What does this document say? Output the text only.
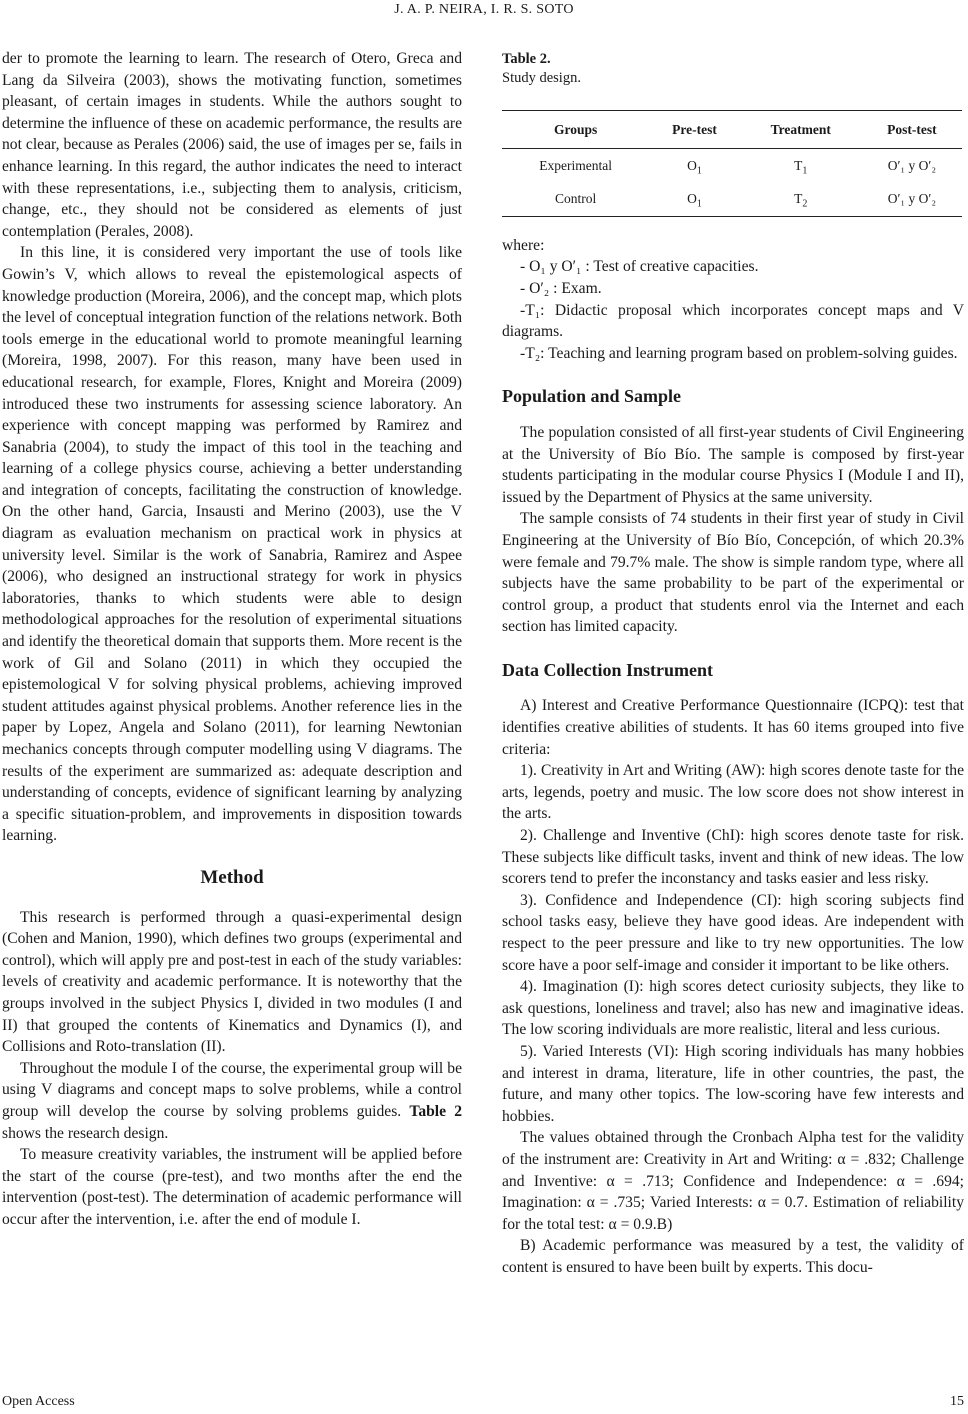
J. A. P. NEIRA, I. R. S. SOTO

der to promote the learning to learn. The research of Otero, Greca and Lang da Silveira (2003), shows the motivating function, sometimes pleasant, of certain images in students. While the authors sought to determine the influence of these on academic performance, the results are not clear, because as Perales (2006) said, the use of images per se, fails in enhance learning. In this regard, the author indicates the need to interact with these representations, i.e., subjecting them to analysis, criticism, change, etc., they should not be considered as elements of just contemplation (Perales, 2008).

In this line, it is considered very important the use of tools like Gowin’s V, which allows to reveal the epistemological aspects of knowledge production (Moreira, 2006), and the concept map, which plots the level of conceptual integration function of the relations network. Both tools emerge in the educational world to promote meaningful learning (Moreira, 1998, 2007). For this reason, many have been used in educational research, for example, Flores, Knight and Moreira (2009) introduced these two instruments for assessing science laboratory. An experience with concept mapping was performed by Ramirez and Sanabria (2004), to study the impact of this tool in the teaching and learning of a college physics course, achieving a better understanding and integration of concepts, facilitating the construction of knowledge. On the other hand, Garcia, Insausti and Merino (2003), use the V diagram as evaluation mechanism on practical work in physics at university level. Similar is the work of Sanabria, Ramirez and Aspee (2006), who designed an instructional strategy for work in physics laboratories, thanks to which students were able to design methodological approaches for the resolution of experimental situations and identify the theoretical domain that supports them. More recent is the work of Gil and Solano (2011) in which they occupied the epistemological V for solving physical problems, achieving improved student attitudes against physical problems. Another reference lies in the paper by Lopez, Angela and Solano (2011), for learning Newtonian mechanics concepts through computer modelling using V diagrams. The results of the experiment are summarized as: adequate description and understanding of concepts, evidence of significant learning by analyzing a specific situation-problem, and improvements in disposition towards learning.

Method

This research is performed through a quasi-experimental design (Cohen and Manion, 1990), which defines two groups (experimental and control), which will apply pre and post-test in each of the study variables: levels of creativity and academic performance. It is noteworthy that the groups involved in the subject Physics I, divided in two modules (I and II) that grouped the contents of Kinematics and Dynamics (I), and Collisions and Roto-translation (II).

Throughout the module I of the course, the experimental group will be using V diagrams and concept maps to solve problems, while a control group will develop the course by solving problems guides. Table 2 shows the research design.

To measure creativity variables, the instrument will be applied before the start of the course (pre-test), and two months after the end the intervention (post-test). The determination of academic performance will occur after the intervention, i.e. after the end of module I.

Table 2.
Study design.
Groups	Pre-test	Treatment	Post-test
Experimental	$O_1$	$T_1$	O′₁ y O′₂
Control	$O_1$	$T_2$	O′₁ y O′₂

where:

- O₁ y O′₁ : Test of creative capacities.

- O′₂ : Exam.

-T₁: Didactic proposal which incorporates concept maps and V diagrams.

-T₂: Teaching and learning program based on problem-solving guides.

Population and Sample

The population consisted of all first-year students of Civil Engineering at the University of Bío Bío. The sample is composed by first-year students participating in the modular course Physics I (Module I and II), issued by the Department of Physics at the same university.

The sample consists of 74 students in their first year of study in Civil Engineering at the University of Bío Bío, Concepción, of which 20.3% were female and 79.7% male. The show is simple random type, where all subjects have the same probability to be part of the experimental or control group, a product that students enrol via the Internet and each section has limited capacity.

Data Collection Instrument

A) Interest and Creative Performance Questionnaire (ICPQ): test that identifies creative abilities of students. It has 60 items grouped into five criteria:

1). Creativity in Art and Writing (AW): high scores denote taste for the arts, legends, poetry and music. The low score does not show interest in the arts.

2). Challenge and Inventive (ChI): high scores denote taste for risk. These subjects like difficult tasks, invent and think of new ideas. The low scorers tend to prefer the inconstancy and tasks easier and less risky.

3). Confidence and Independence (CI): high scoring subjects find school tasks easy, believe they have good ideas. Are independent with respect to the peer pressure and like to try new opportunities. The low score have a poor self-image and consider it important to be like others.

4). Imagination (I): high scores detect curiosity subjects, they like to ask questions, loneliness and travel; also has new and imaginative ideas. The low scoring individuals are more realistic, literal and less curious.

5). Varied Interests (VI): High scoring individuals has many hobbies and interest in drama, literature, life in other countries, the past, the future, and many other topics. The low-scoring have few interests and hobbies.

The values obtained through the Cronbach Alpha test for the validity of the instrument are: Creativity in Art and Writing: α = .832; Challenge and Inventive: α = .713; Confidence and Independence: α = .694; Imagination: α = .735; Varied Interests: α = 0.7. Estimation of reliability for the total test: α = 0.9.B)

B) Academic performance was measured by a test, the validity of content is ensured to have been built by experts. This docu-

Open Access	15
